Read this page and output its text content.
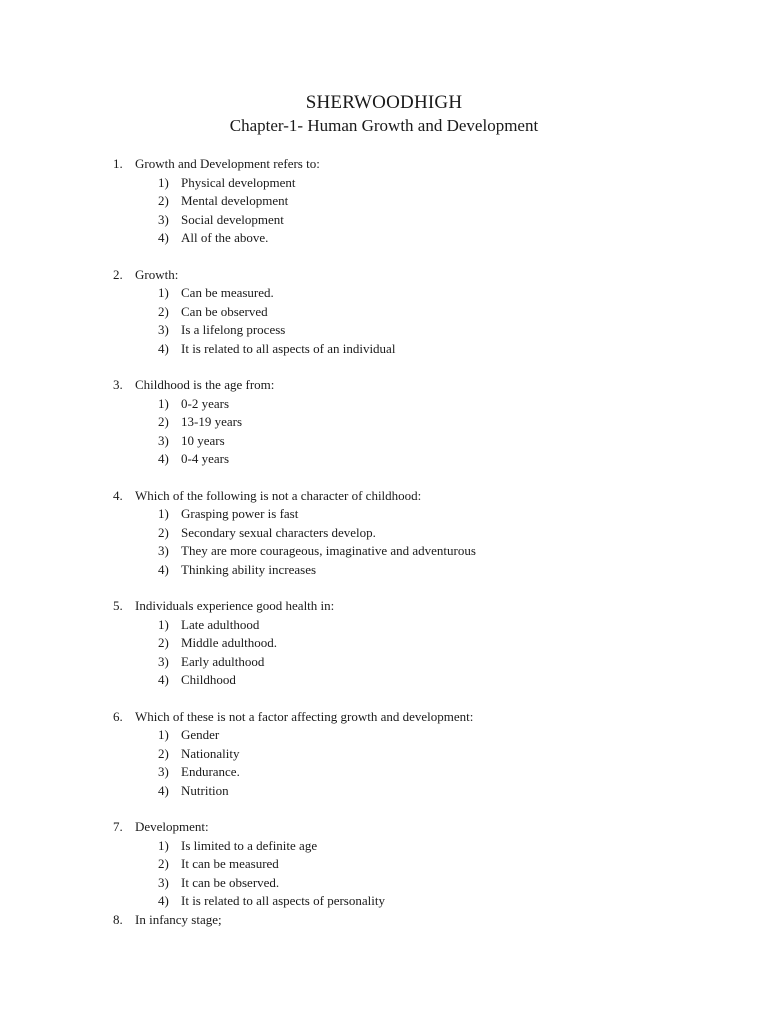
SHERWOODHIGH
Chapter-1- Human Growth and Development
1. Growth and Development refers to:
1) Physical development
2) Mental development
3) Social development
4) All of the above.
2. Growth:
1) Can be measured.
2) Can be observed
3) Is a lifelong process
4) It is related to all aspects of an individual
3. Childhood is the age from:
1) 0-2 years
2) 13-19 years
3) 10 years
4) 0-4 years
4. Which of the following is not a character of childhood:
1) Grasping power is fast
2) Secondary sexual characters develop.
3) They are more courageous, imaginative and adventurous
4) Thinking ability increases
5. Individuals experience good health in:
1) Late adulthood
2) Middle adulthood.
3) Early adulthood
4) Childhood
6. Which of these is not a factor affecting growth and development:
1) Gender
2) Nationality
3) Endurance.
4) Nutrition
7. Development:
1) Is limited to a definite age
2) It can be measured
3) It can be observed.
4) It is related to all aspects of personality
8. In infancy stage;
